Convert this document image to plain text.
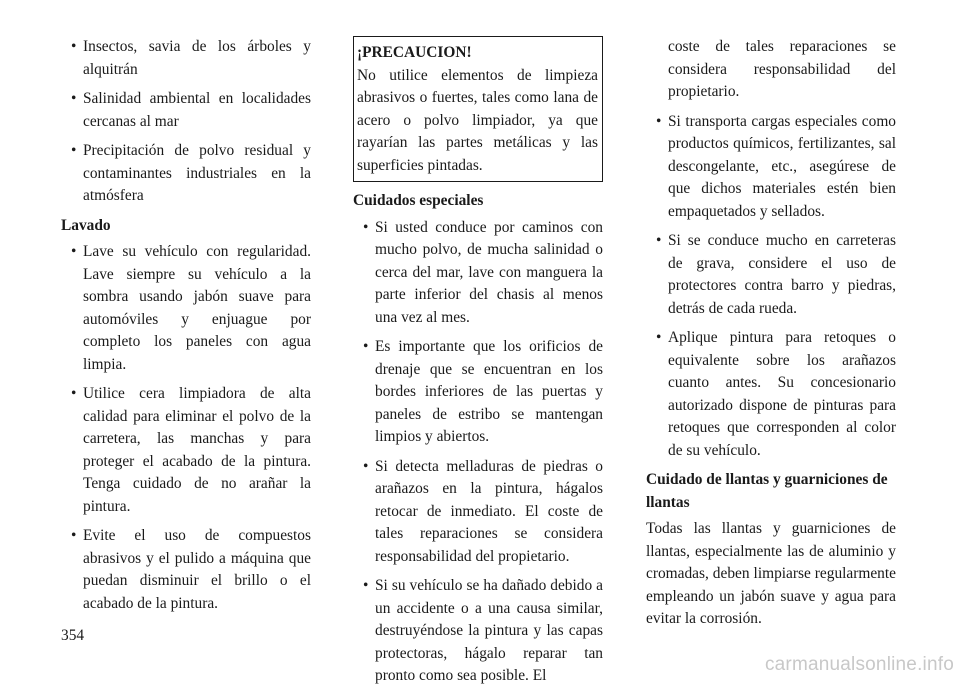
• Insectos, savia de los árboles y alquitrán
• Salinidad ambiental en localidades cercanas al mar
• Precipitación de polvo residual y contaminantes industriales en la atmósfera
Lavado
• Lave su vehículo con regularidad. Lave siempre su vehículo a la sombra usando jabón suave para automóviles y enjuague por completo los paneles con agua limpia.
• Utilice cera limpiadora de alta calidad para eliminar el polvo de la carretera, las manchas y para proteger el acabado de la pintura. Tenga cuidado de no arañar la pintura.
• Evite el uso de compuestos abrasivos y el pulido a máquina que puedan disminuir el brillo o el acabado de la pintura.
¡PRECAUCION!
No utilice elementos de limpieza abrasivos o fuertes, tales como lana de acero o polvo limpiador, ya que rayarían las partes metálicas y las superficies pintadas.
Cuidados especiales
• Si usted conduce por caminos con mucho polvo, de mucha salinidad o cerca del mar, lave con manguera la parte inferior del chasis al menos una vez al mes.
• Es importante que los orificios de drenaje que se encuentran en los bordes inferiores de las puertas y paneles de estribo se mantengan limpios y abiertos.
• Si detecta melladuras de piedras o arañazos en la pintura, hágalos retocar de inmediato. El coste de tales reparaciones se considera responsabilidad del propietario.
• Si su vehículo se ha dañado debido a un accidente o a una causa similar, destruyéndose la pintura y las capas protectoras, hágalo reparar tan pronto como sea posible. El
coste de tales reparaciones se considera responsabilidad del propietario.
• Si transporta cargas especiales como productos químicos, fertilizantes, sal descongelante, etc., asegúrese de que dichos materiales estén bien empaquetados y sellados.
• Si se conduce mucho en carreteras de grava, considere el uso de protectores contra barro y piedras, detrás de cada rueda.
• Aplique pintura para retoques o equivalente sobre los arañazos cuanto antes. Su concesionario autorizado dispone de pinturas para retoques que corresponden al color de su vehículo.
Cuidado de llantas y guarniciones de llantas

Todas las llantas y guarniciones de llantas, especialmente las de aluminio y cromadas, deben limpiarse regularmente empleando un jabón suave y agua para evitar la corrosión.

354
carmanualsonline.info
